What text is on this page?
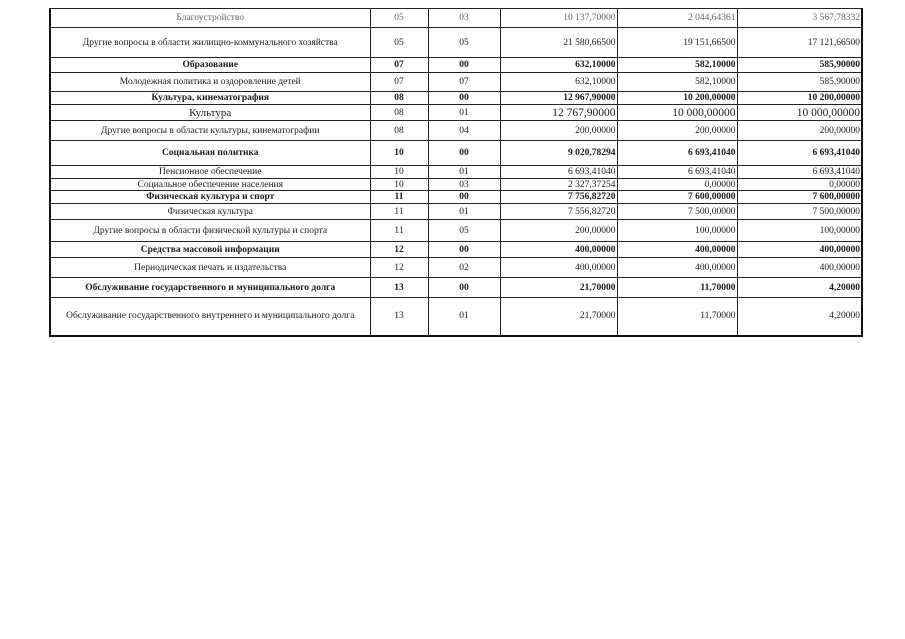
Благоустройство	05	03	10 137,70000	2 044,64361	3 567,78332
Другие вопросы в области жилищно-коммунального хозяйства	05	05	21 580,66500	19 151,66500	17 121,66500
Образование	07	00	632,10000	582,10000	585,90000
Молодежная политика и оздоровление детей	07	07	632,10000	582,10000	585,90000
Культура, кинематография	08	00	12 967,90000	10 200,00000	10 200,00000
Культура	08	01	12 767,90000	10 000,00000	10 000,00000
Другие вопросы в области культуры, кинематографии	08	04	200,00000	200,00000	200,00000
Социальная политика	10	00	9 020,78294	6 693,41040	6 693,41040
Пенсионное обеспечение	10	01	6 693,41040	6 693,41040	6 693,41040
Социальное обеспечение населения	10	03	2 327,37254	0,00000	0,00000
Физическая культура и спорт	11	00	7 756,82720	7 600,00000	7 600,00000
Физическая культура	11	01	7 556,82720	7 500,00000	7 500,00000
Другие вопросы в области физической культуры и спорта	11	05	200,00000	100,00000	100,00000
Средства массовой информации	12	00	400,00000	400,00000	400,00000
Периодическая печать и издательства	12	02	400,00000	400,00000	400,00000
Обслуживание государственного и муниципального долга	13	00	21,70000	11,70000	4,20000
Обслуживание государственного внутреннего и муниципального долга	13	01	21,70000	11,70000	4,20000
